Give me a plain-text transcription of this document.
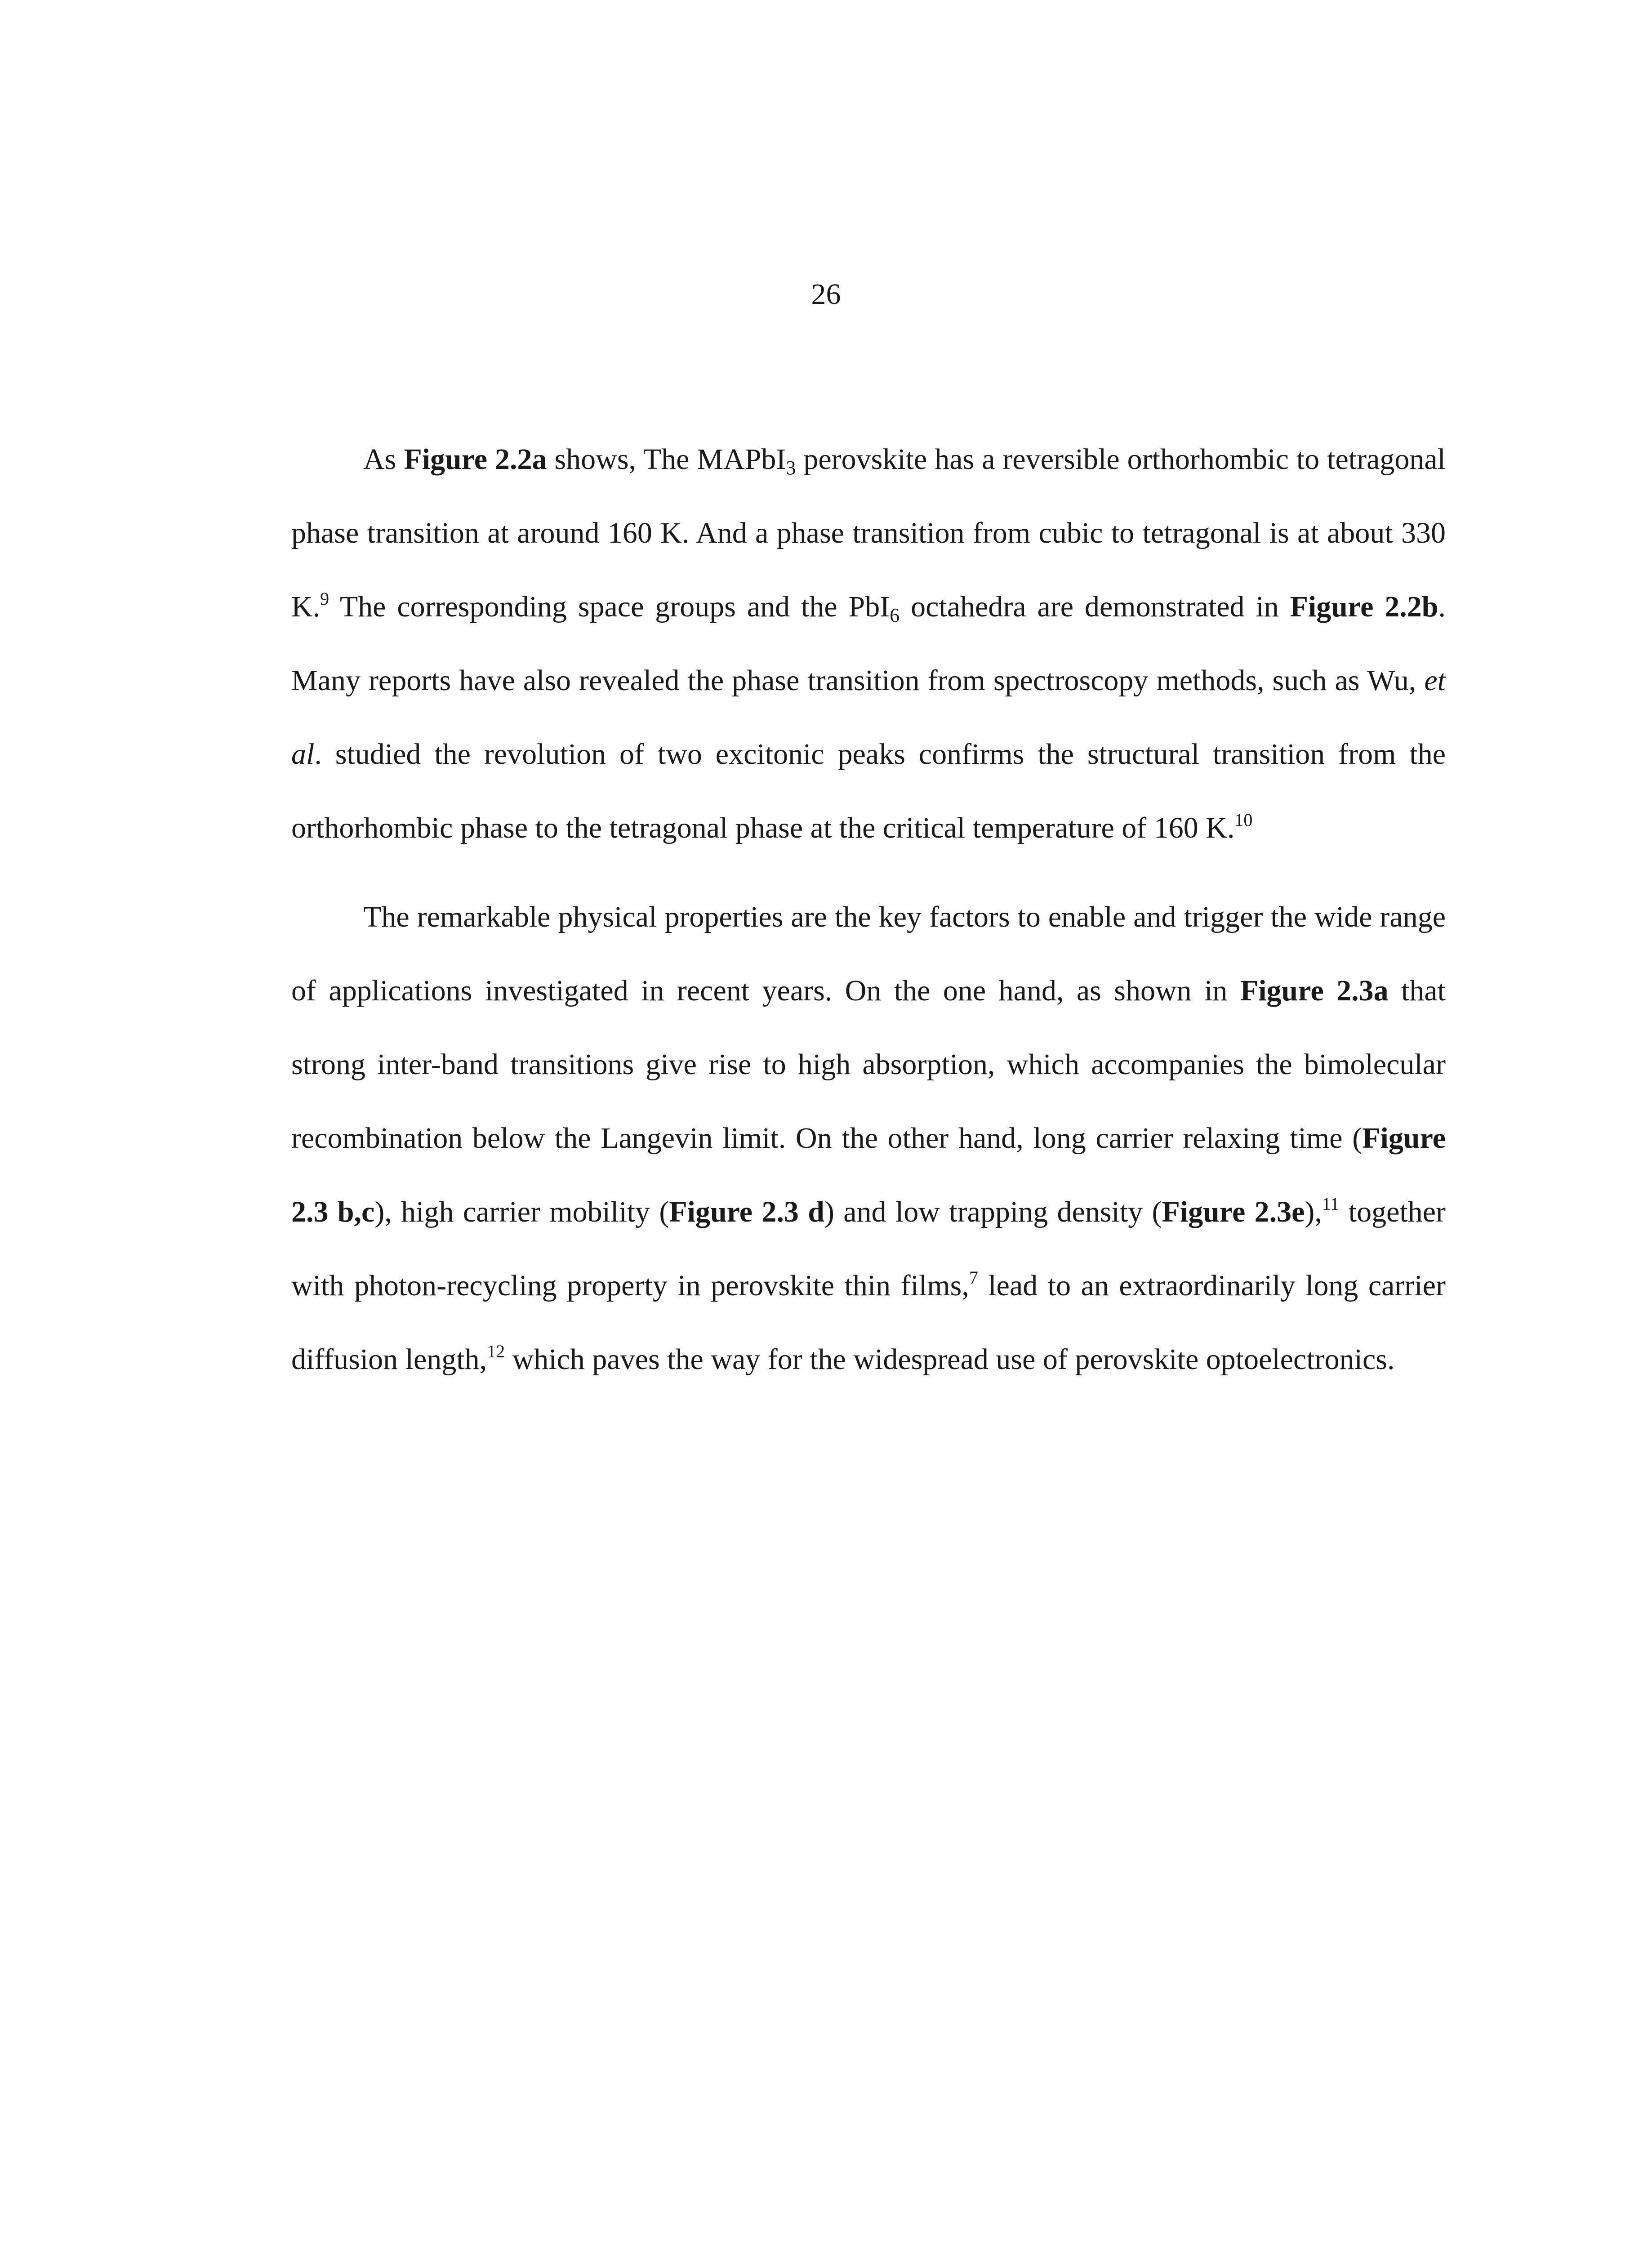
26

As Figure 2.2a shows, The MAPbI$_3$ perovskite has a reversible orthorhombic to tetragonal phase transition at around 160 K. And a phase transition from cubic to tetragonal is at about 330 K.$^9$ The corresponding space groups and the PbI$_6$ octahedra are demonstrated in Figure 2.2b. Many reports have also revealed the phase transition from spectroscopy methods, such as Wu, et al. studied the revolution of two excitonic peaks confirms the structural transition from the orthorhombic phase to the tetragonal phase at the critical temperature of 160 K.$^{10}$

The remarkable physical properties are the key factors to enable and trigger the wide range of applications investigated in recent years. On the one hand, as shown in Figure 2.3a that strong inter-band transitions give rise to high absorption, which accompanies the bimolecular recombination below the Langevin limit. On the other hand, long carrier relaxing time (Figure 2.3 b,c), high carrier mobility (Figure 2.3 d) and low trapping density (Figure 2.3e),$^{11}$ together with photon-recycling property in perovskite thin films,$^7$ lead to an extraordinarily long carrier diffusion length,$^{12}$ which paves the way for the widespread use of perovskite optoelectronics.
